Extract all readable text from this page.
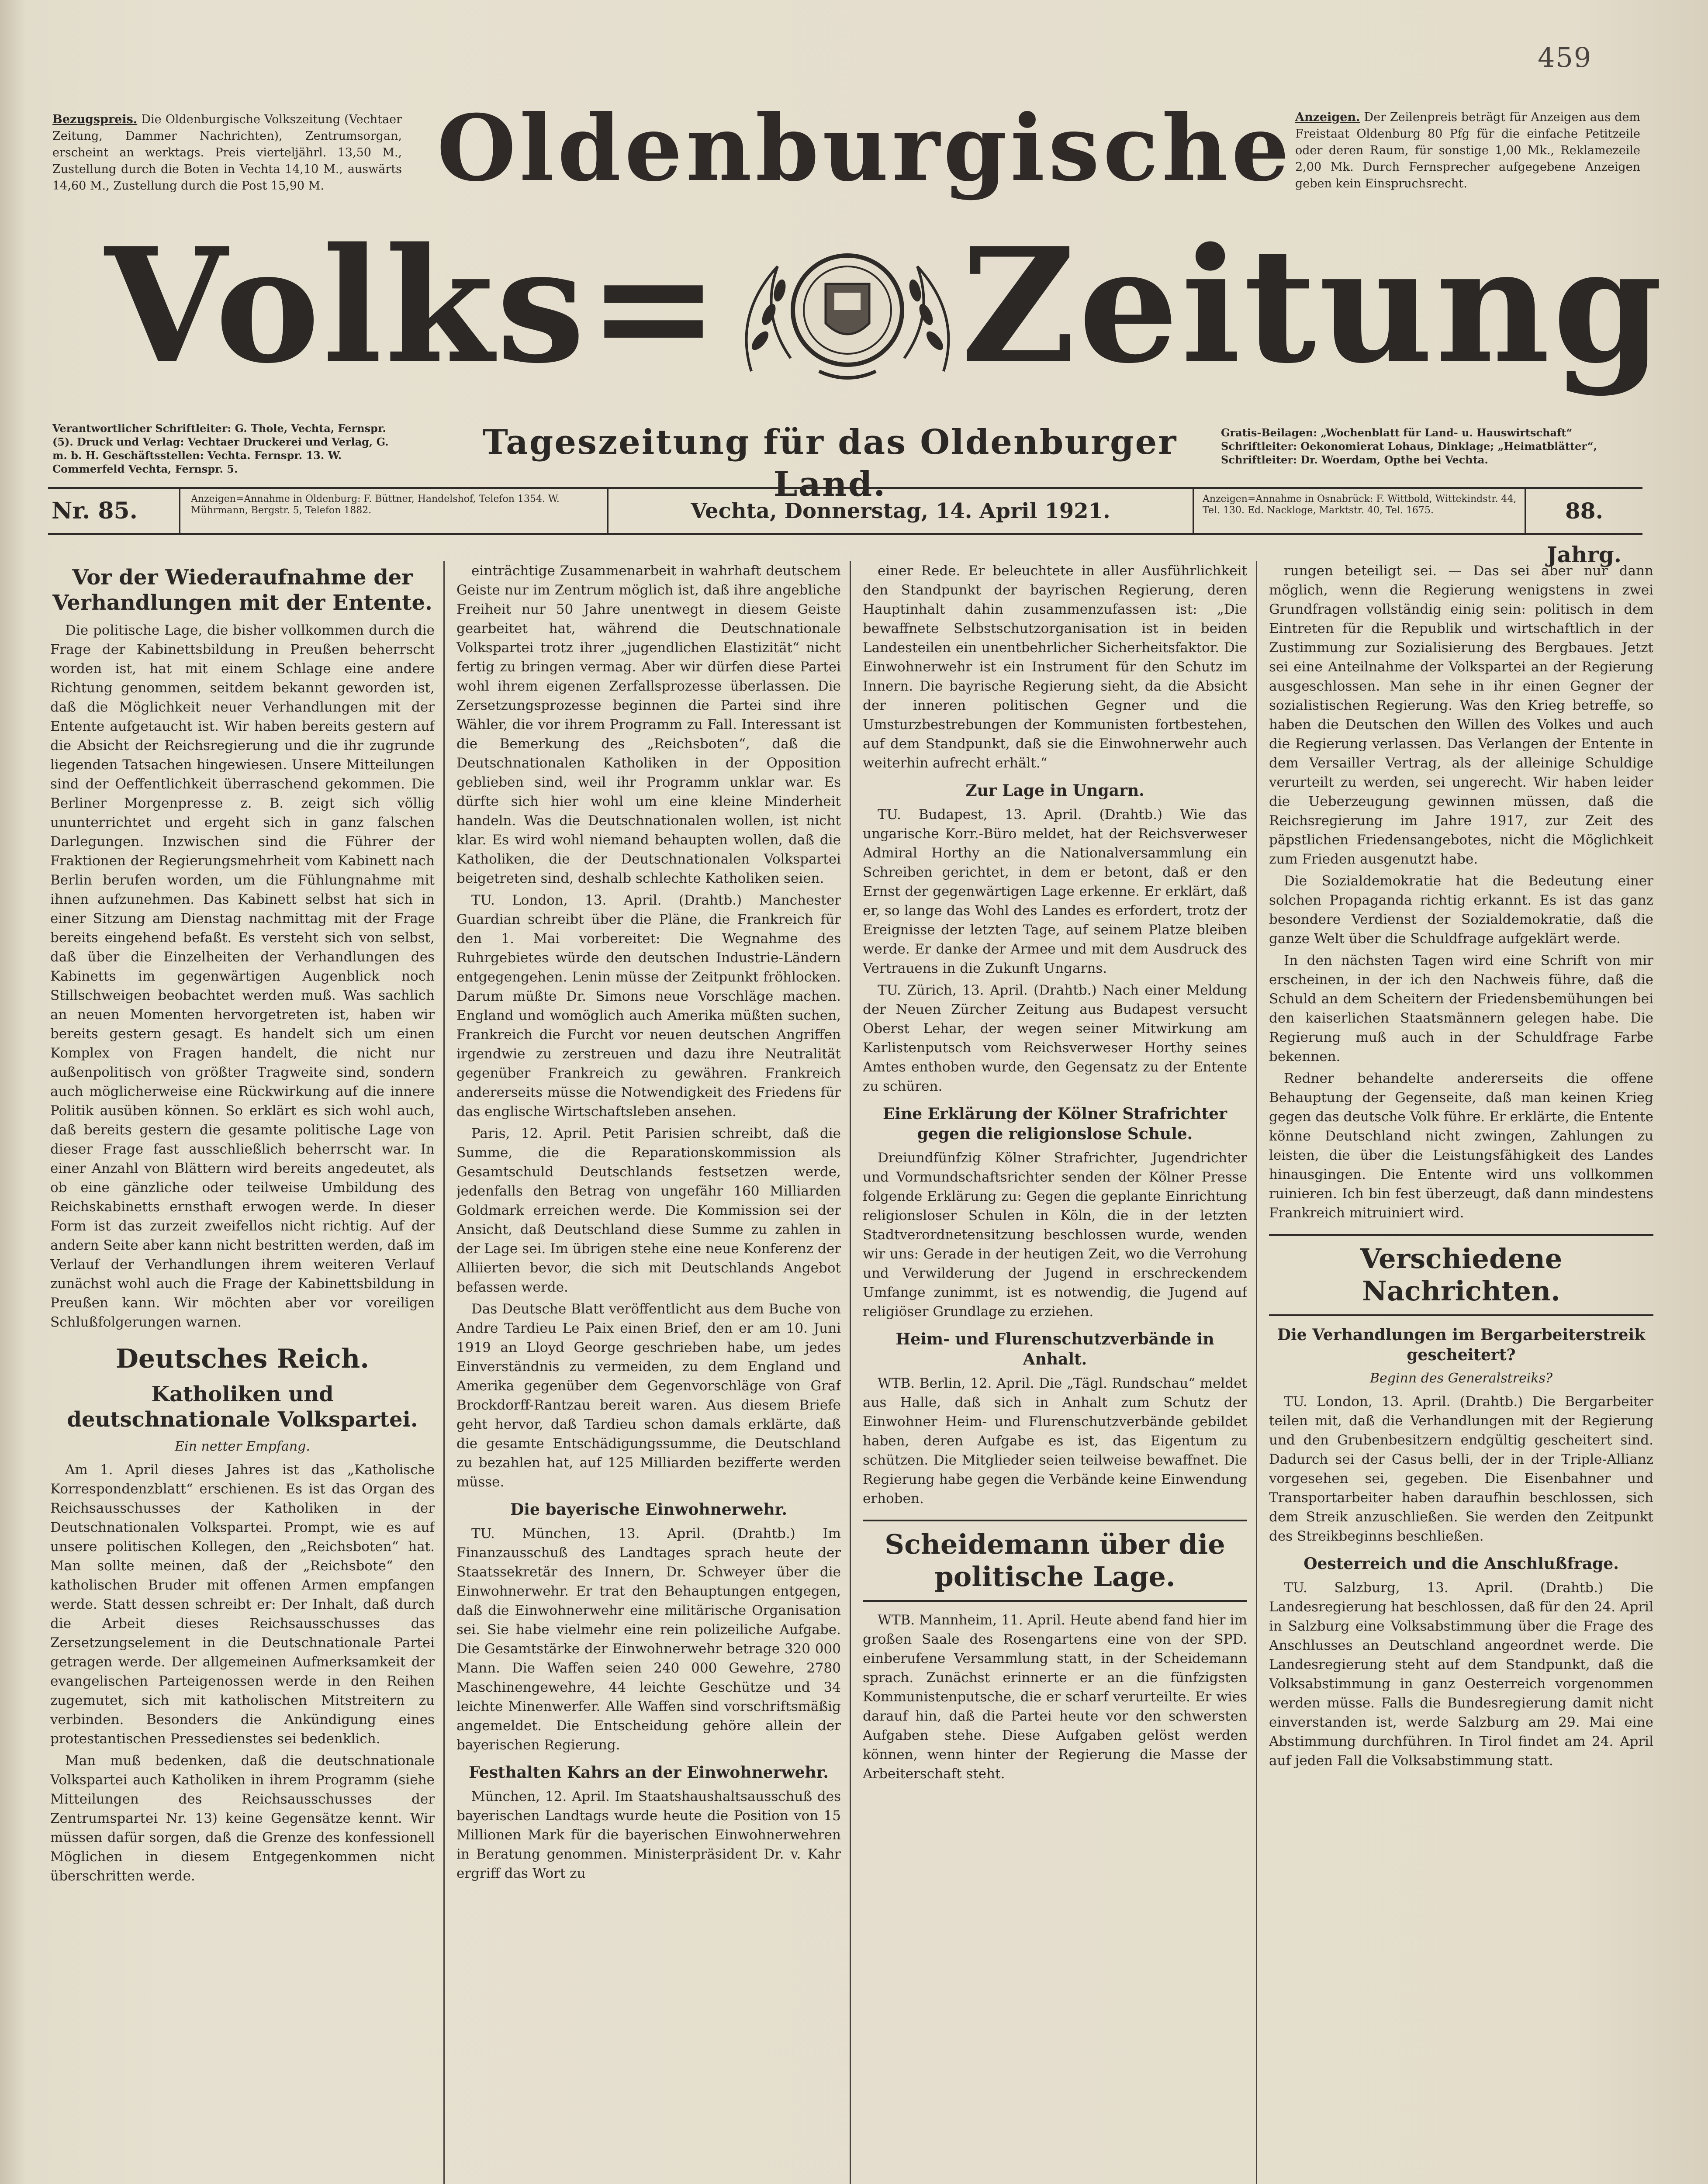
459
Bezugspreis. Die Oldenburgische Volkszeitung (Vechtaer Zeitung, Dammer Nachrichten), Zentrumsorgan, erscheint an werktags. Preis vierteljährl. 13,50 M., Zustellung durch die Boten in Vechta 14,10 M., auswärts 14,60 M., Zustellung durch die Post 15,90 M.
Anzeigen. Der Zeilenpreis beträgt für Anzeigen aus dem Freistaat Oldenburg 80 Pfg für die einfache Petitzeile oder deren Raum, für sonstige 1,00 Mk., Reklamezeile 2,00 Mk. Durch Fernsprecher aufgegebene Anzeigen geben kein Einspruchsrecht.
Oldenburgische
Volks= Zeitung
Verantwortlicher Schriftleiter: G. Thole, Vechta, Fernspr. (5). Druck und Verlag: Vechtaer Druckerei und Verlag, G. m. b. H. Geschäftsstellen: Vechta. Fernspr. 13. W. Commerfeld Vechta, Fernspr. 5.
Tageszeitung für das Oldenburger Land.
Gratis-Beilagen: „Wochenblatt für Land- u. Hauswirtschaft“ Schriftleiter: Oekonomierat Lohaus, Dinklage; „Heimatblätter“, Schriftleiter: Dr. Woerdam, Opthe bei Vechta.
Nr. 85.	Anzeigen=Annahme in Oldenburg: F. Büttner, Handelshof, Telefon 1354. W. Mührmann, Bergstr. 5, Telefon 1882.	Vechta, Donnerstag, 14. April 1921.	Anzeigen=Annahme in Osnabrück: F. Wittbold, Wittekindstr. 44, Tel. 130. Ed. Nackloge, Marktstr. 40, Tel. 1675.	88. Jahrg.
Vor der Wiederaufnahme der Verhandlungen mit der Entente.

Die politische Lage, die bisher vollkommen durch die Frage der Kabinettsbildung in Preußen beherrscht worden ist, hat mit einem Schlage eine andere Richtung genommen, seitdem bekannt geworden ist, daß die Möglichkeit neuer Verhandlungen mit der Entente aufgetaucht ist. Wir haben bereits gestern auf die Absicht der Reichsregierung und die ihr zugrunde liegenden Tatsachen hingewiesen. Unsere Mitteilungen sind der Oeffentlichkeit überraschend gekommen. Die Berliner Morgenpresse z. B. zeigt sich völlig ununterrichtet und ergeht sich in ganz falschen Darlegungen. Inzwischen sind die Führer der Fraktionen der Regierungsmehrheit vom Kabinett nach Berlin berufen worden, um die Fühlungnahme mit ihnen aufzunehmen. Das Kabinett selbst hat sich in einer Sitzung am Dienstag nachmittag mit der Frage bereits eingehend befaßt. Es versteht sich von selbst, daß über die Einzelheiten der Verhandlungen des Kabinetts im gegenwärtigen Augenblick noch Stillschweigen beobachtet werden muß. Was sachlich an neuen Momenten hervorgetreten ist, haben wir bereits gestern gesagt. Es handelt sich um einen Komplex von Fragen handelt, die nicht nur außenpolitisch von größter Tragweite sind, sondern auch möglicherweise eine Rückwirkung auf die innere Politik ausüben können. So erklärt es sich wohl auch, daß bereits gestern die gesamte politische Lage von dieser Frage fast ausschließlich beherrscht war. In einer Anzahl von Blättern wird bereits angedeutet, als ob eine gänzliche oder teilweise Umbildung des Reichskabinetts ernsthaft erwogen werde. In dieser Form ist das zurzeit zweifellos nicht richtig. Auf der andern Seite aber kann nicht bestritten werden, daß im Verlauf der Verhandlungen ihrem weiteren Verlauf zunächst wohl auch die Frage der Kabinettsbildung in Preußen kann. Wir möchten aber vor voreiligen Schlußfolgerungen warnen.

Deutsches Reich.
Katholiken und deutschnationale Volkspartei.
Ein netter Empfang.

Am 1. April dieses Jahres ist das „Katholische Korrespondenzblatt“ erschienen. Es ist das Organ des Reichsausschusses der Katholiken in der Deutschnationalen Volkspartei. Prompt, wie es auf unsere politischen Kollegen, den „Reichsboten“ hat. Man sollte meinen, daß der „Reichsbote“ den katholischen Bruder mit offenen Armen empfangen werde. Statt dessen schreibt er: Der Inhalt, daß durch die Arbeit dieses Reichsausschusses das Zersetzungselement in die Deutschnationale Partei getragen werde. Der allgemeinen Aufmerksamkeit der evangelischen Parteigenossen werde in den Reihen zugemutet, sich mit katholischen Mitstreitern zu verbinden. Besonders die Ankündigung eines protestantischen Pressedienstes sei bedenklich.

Man muß bedenken, daß die deutschnationale Volkspartei auch Katholiken in ihrem Programm (siehe Mitteilungen des Reichsausschusses der Zentrumspartei Nr. 13) keine Gegensätze kennt. Wir müssen dafür sorgen, daß die Grenze des konfessionell Möglichen in diesem Entgegenkommen nicht überschritten werde.

einträchtige Zusammenarbeit in wahrhaft deutschem Geiste nur im Zentrum möglich ist, daß ihre angebliche Freiheit nur 50 Jahre unentwegt in diesem Geiste gearbeitet hat, während die Deutschnationale Volkspartei trotz ihrer „jugendlichen Elastizität“ nicht fertig zu bringen vermag. Aber wir dürfen diese Partei wohl ihrem eigenen Zerfallsprozesse überlassen. Die Zersetzungsprozesse beginnen die Partei sind ihre Wähler, die vor ihrem Programm zu Fall. Interessant ist die Bemerkung des „Reichsboten“, daß die Deutschnationalen Katholiken in der Opposition geblieben sind, weil ihr Programm unklar war. Es dürfte sich hier wohl um eine kleine Minderheit handeln. Was die Deutschnationalen wollen, ist nicht klar. Es wird wohl niemand behaupten wollen, daß die Katholiken, die der Deutschnationalen Volkspartei beigetreten sind, deshalb schlechte Katholiken seien.

TU. London, 13. April. (Drahtb.) Manchester Guardian schreibt über die Pläne, die Frankreich für den 1. Mai vorbereitet: Die Wegnahme des Ruhrgebietes würde den deutschen Industrie-Ländern entgegengehen. Lenin müsse der Zeitpunkt fröhlocken. Darum müßte Dr. Simons neue Vorschläge machen. England und womöglich auch Amerika müßten suchen, Frankreich die Furcht vor neuen deutschen Angriffen irgendwie zu zerstreuen und dazu ihre Neutralität gegenüber Frankreich zu gewähren. Frankreich andererseits müsse die Notwendigkeit des Friedens für das englische Wirtschaftsleben ansehen.

Paris, 12. April. Petit Parisien schreibt, daß die Summe, die die Reparationskommission als Gesamtschuld Deutschlands festsetzen werde, jedenfalls den Betrag von ungefähr 160 Milliarden Goldmark erreichen werde. Die Kommission sei der Ansicht, daß Deutschland diese Summe zu zahlen in der Lage sei. Im übrigen stehe eine neue Konferenz der Alliierten bevor, die sich mit Deutschlands Angebot befassen werde.

Das Deutsche Blatt veröffentlicht aus dem Buche von Andre Tardieu Le Paix einen Brief, den er am 10. Juni 1919 an Lloyd George geschrieben habe, um jedes Einverständnis zu vermeiden, zu dem England und Amerika gegenüber dem Gegenvorschläge von Graf Brockdorff-Rantzau bereit waren. Aus diesem Briefe geht hervor, daß Tardieu schon damals erklärte, daß die gesamte Entschädigungssumme, die Deutschland zu bezahlen hat, auf 125 Milliarden bezifferte werden müsse.

Die bayerische Einwohnerwehr.

TU. München, 13. April. (Drahtb.) Im Finanzausschuß des Landtages sprach heute der Staatssekretär des Innern, Dr. Schweyer über die Einwohnerwehr. Er trat den Behauptungen entgegen, daß die Einwohnerwehr eine militärische Organisation sei. Sie habe vielmehr eine rein polizeiliche Aufgabe. Die Gesamtstärke der Einwohnerwehr betrage 320 000 Mann. Die Waffen seien 240 000 Gewehre, 2780 Maschinengewehre, 44 leichte Geschütze und 34 leichte Minenwerfer. Alle Waffen sind vorschriftsmäßig angemeldet. Die Entscheidung gehöre allein der bayerischen Regierung.

Festhalten Kahrs an der Einwohnerwehr.

München, 12. April. Im Staatshaushaltsausschuß des bayerischen Landtags wurde heute die Position von 15 Millionen Mark für die bayerischen Einwohnerwehren in Beratung genommen. Ministerpräsident Dr. v. Kahr ergriff das Wort zu

einer Rede. Er beleuchtete in aller Ausführlichkeit den Standpunkt der bayrischen Regierung, deren Hauptinhalt dahin zusammenzufassen ist: „Die bewaffnete Selbstschutzorganisation ist in beiden Landesteilen ein unentbehrlicher Sicherheitsfaktor. Die Einwohnerwehr ist ein Instrument für den Schutz im Innern. Die bayrische Regierung sieht, da die Absicht der inneren politischen Gegner und die Umsturzbestrebungen der Kommunisten fortbestehen, auf dem Standpunkt, daß sie die Einwohnerwehr auch weiterhin aufrecht erhält.“

Zur Lage in Ungarn.

TU. Budapest, 13. April. (Drahtb.) Wie das ungarische Korr.-Büro meldet, hat der Reichsverweser Admiral Horthy an die Nationalversammlung ein Schreiben gerichtet, in dem er betont, daß er den Ernst der gegenwärtigen Lage erkenne. Er erklärt, daß er, so lange das Wohl des Landes es erfordert, trotz der Ereignisse der letzten Tage, auf seinem Platze bleiben werde. Er danke der Armee und mit dem Ausdruck des Vertrauens in die Zukunft Ungarns.

TU. Zürich, 13. April. (Drahtb.) Nach einer Meldung der Neuen Zürcher Zeitung aus Budapest versucht Oberst Lehar, der wegen seiner Mitwirkung am Karlistenputsch vom Reichsverweser Horthy seines Amtes enthoben wurde, den Gegensatz zu der Entente zu schüren.

Eine Erklärung der Kölner Strafrichter gegen die religionslose Schule.

Dreiundfünfzig Kölner Strafrichter, Jugendrichter und Vormundschaftsrichter senden der Kölner Presse folgende Erklärung zu: Gegen die geplante Einrichtung religionsloser Schulen in Köln, die in der letzten Stadtverordnetensitzung beschlossen wurde, wenden wir uns: Gerade in der heutigen Zeit, wo die Verrohung und Verwilderung der Jugend in erschreckendem Umfange zunimmt, ist es notwendig, die Jugend auf religiöser Grundlage zu erziehen.

Heim- und Flurenschutzverbände in Anhalt.

WTB. Berlin, 12. April. Die „Tägl. Rundschau“ meldet aus Halle, daß sich in Anhalt zum Schutz der Einwohner Heim- und Flurenschutzverbände gebildet haben, deren Aufgabe es ist, das Eigentum zu schützen. Die Mitglieder seien teilweise bewaffnet. Die Regierung habe gegen die Verbände keine Einwendung erhoben.

Scheidemann über die politische Lage.

WTB. Mannheim, 11. April. Heute abend fand hier im großen Saale des Rosengartens eine von der SPD. einberufene Versammlung statt, in der Scheidemann sprach. Zunächst erinnerte er an die fünfzigsten Kommunistenputsche, die er scharf verurteilte. Er wies darauf hin, daß die Partei heute vor den schwersten Aufgaben stehe. Diese Aufgaben gelöst werden können, wenn hinter der Regierung die Masse der Arbeiterschaft steht.

rungen beteiligt sei. — Das sei aber nur dann möglich, wenn die Regierung wenigstens in zwei Grundfragen vollständig einig sein: politisch in dem Eintreten für die Republik und wirtschaftlich in der Zustimmung zur Sozialisierung des Bergbaues. Jetzt sei eine Anteilnahme der Volkspartei an der Regierung ausgeschlossen. Man sehe in ihr einen Gegner der sozialistischen Regierung. Was den Krieg betreffe, so haben die Deutschen den Willen des Volkes und auch die Regierung verlassen. Das Verlangen der Entente in dem Versailler Vertrag, als der alleinige Schuldige verurteilt zu werden, sei ungerecht. Wir haben leider die Ueberzeugung gewinnen müssen, daß die Reichsregierung im Jahre 1917, zur Zeit des päpstlichen Friedensangebotes, nicht die Möglichkeit zum Frieden ausgenutzt habe.

Die Sozialdemokratie hat die Bedeutung einer solchen Propaganda richtig erkannt. Es ist das ganz besondere Verdienst der Sozialdemokratie, daß die ganze Welt über die Schuldfrage aufgeklärt werde.

In den nächsten Tagen wird eine Schrift von mir erscheinen, in der ich den Nachweis führe, daß die Schuld an dem Scheitern der Friedensbemühungen bei den kaiserlichen Staatsmännern gelegen habe. Die Regierung muß auch in der Schuldfrage Farbe bekennen.

Redner behandelte andererseits die offene Behauptung der Gegenseite, daß man keinen Krieg gegen das deutsche Volk führe. Er erklärte, die Entente könne Deutschland nicht zwingen, Zahlungen zu leisten, die über die Leistungsfähigkeit des Landes hinausgingen. Die Entente wird uns vollkommen ruinieren. Ich bin fest überzeugt, daß dann mindestens Frankreich mitruiniert wird.

Verschiedene Nachrichten.
Die Verhandlungen im Bergarbeiterstreik gescheitert?
Beginn des Generalstreiks?

TU. London, 13. April. (Drahtb.) Die Bergarbeiter teilen mit, daß die Verhandlungen mit der Regierung und den Grubenbesitzern endgültig gescheitert sind. Dadurch sei der Casus belli, der in der Triple-Allianz vorgesehen sei, gegeben. Die Eisenbahner und Transportarbeiter haben daraufhin beschlossen, sich dem Streik anzuschließen. Sie werden den Zeitpunkt des Streikbeginns beschließen.

Oesterreich und die Anschlußfrage.

TU. Salzburg, 13. April. (Drahtb.) Die Landesregierung hat beschlossen, daß für den 24. April in Salzburg eine Volksabstimmung über die Frage des Anschlusses an Deutschland angeordnet werde. Die Landesregierung steht auf dem Standpunkt, daß die Volksabstimmung in ganz Oesterreich vorgenommen werden müsse. Falls die Bundesregierung damit nicht einverstanden ist, werde Salzburg am 29. Mai eine Abstimmung durchführen. In Tirol findet am 24. April auf jeden Fall die Volksabstimmung statt.
